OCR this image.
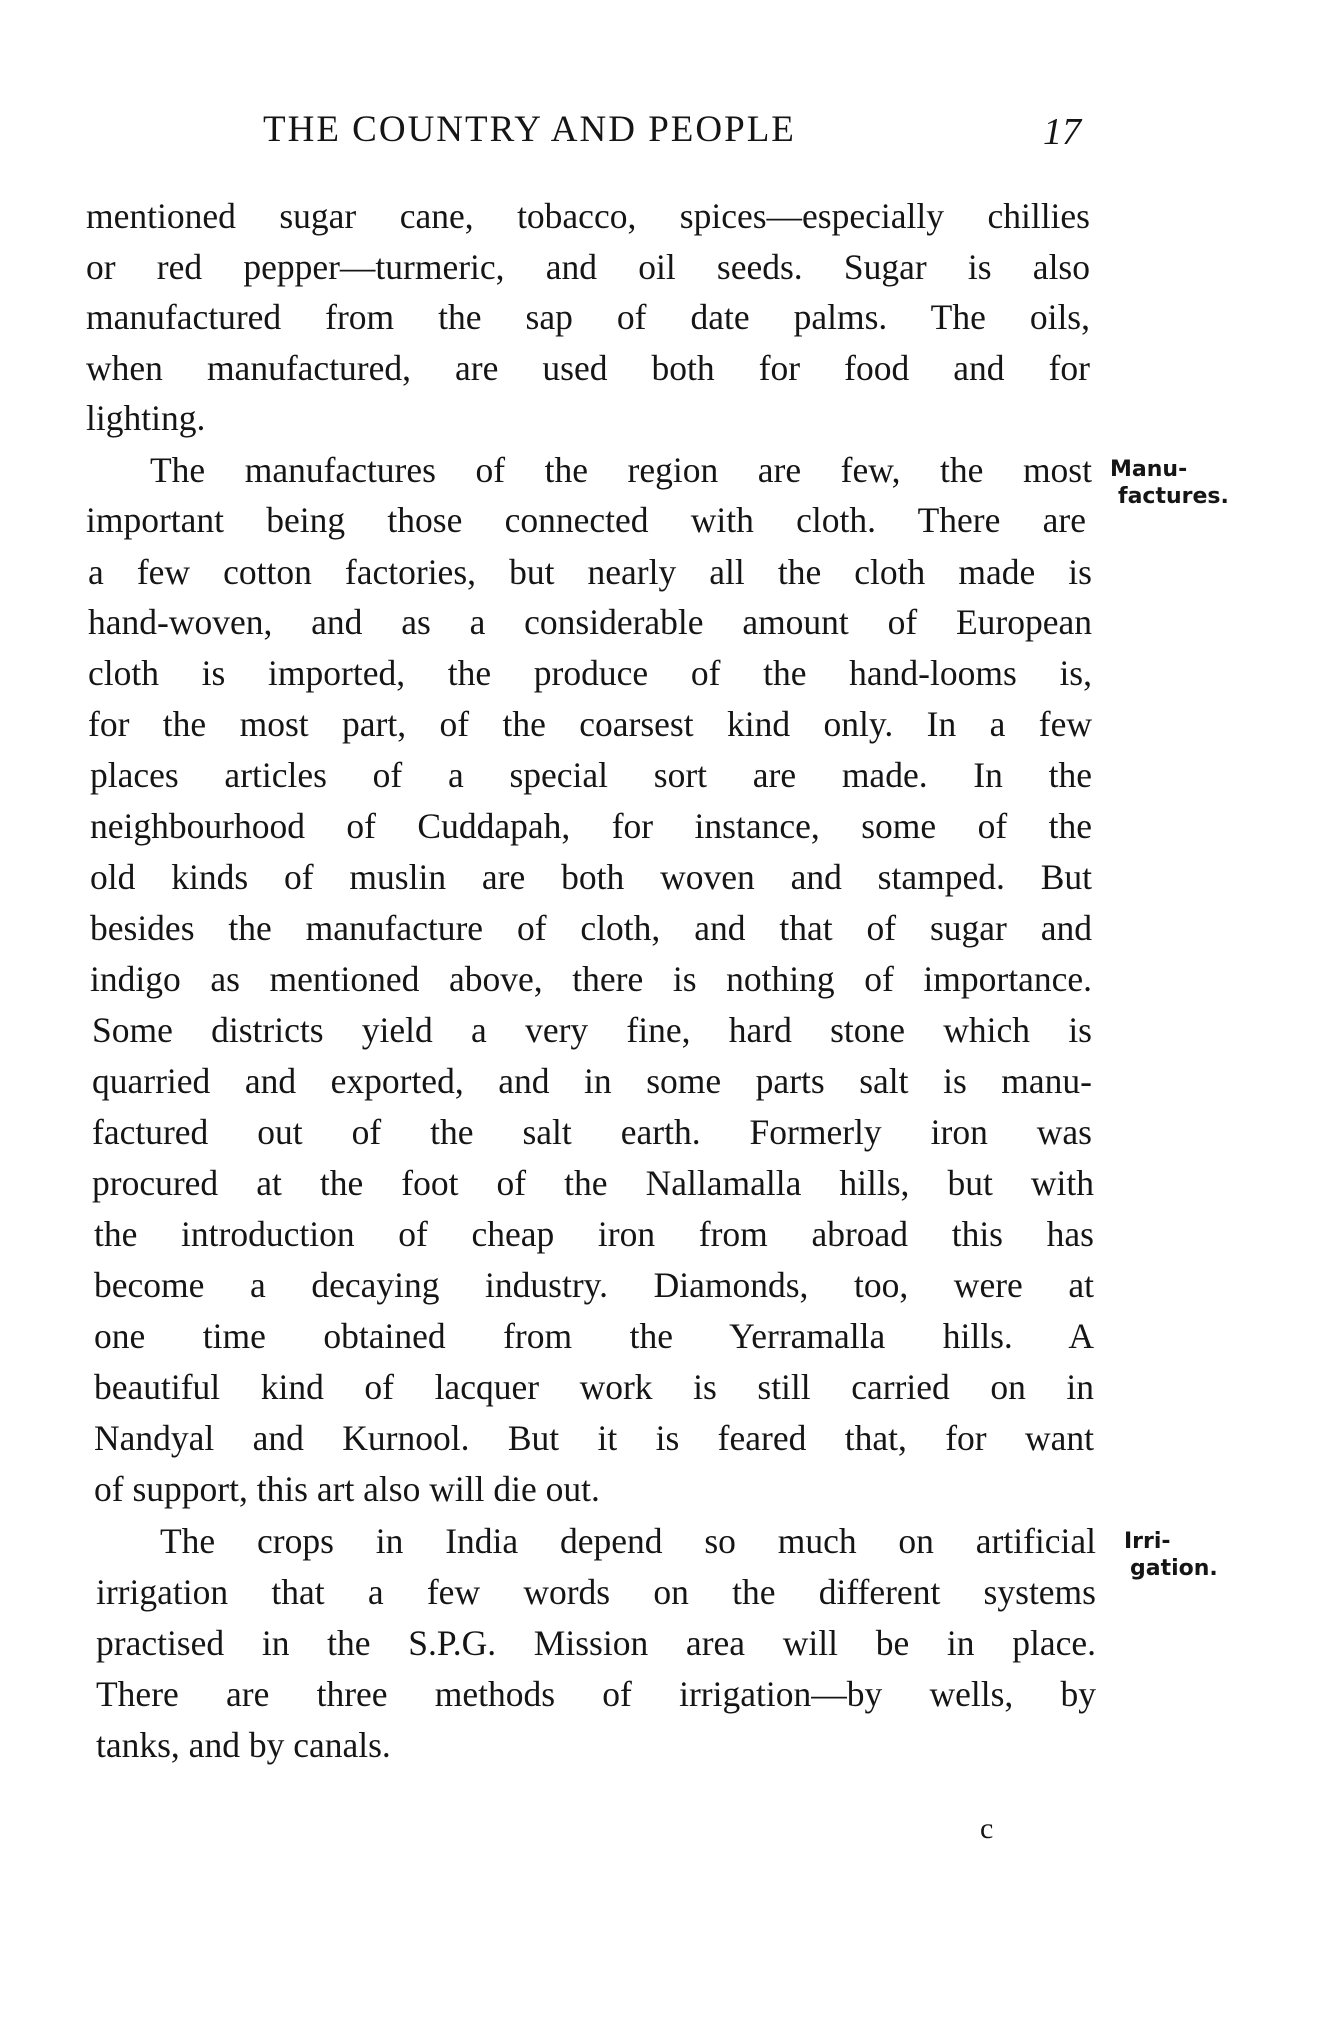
THE COUNTRY AND PEOPLE	17
mentioned sugar cane, tobacco, spices—especially chillies
or red pepper—turmeric, and oil seeds. Sugar is also
manufactured from the sap of date palms. The oils,
when manufactured, are used both for food and for
lighting.
The manufactures of the region are few, the most
important being those connected with cloth. There are
a few cotton factories, but nearly all the cloth made is
hand-woven, and as a considerable amount of European
cloth is imported, the produce of the hand-looms is,
for the most part, of the coarsest kind only. In a few
places articles of a special sort are made. In the
neighbourhood of Cuddapah, for instance, some of the
old kinds of muslin are both woven and stamped. But
besides the manufacture of cloth, and that of sugar and
indigo as mentioned above, there is nothing of importance.
Some districts yield a very fine, hard stone which is
quarried and exported, and in some parts salt is manu-
factured out of the salt earth. Formerly iron was
procured at the foot of the Nallamalla hills, but with
the introduction of cheap iron from abroad this has
become a decaying industry. Diamonds, too, were at
one time obtained from the Yerramalla hills. A
beautiful kind of lacquer work is still carried on in
Nandyal and Kurnool. But it is feared that, for want
of support, this art also will die out.
The crops in India depend so much on artificial
irrigation that a few words on the different systems
practised in the S.P.G. Mission area will be in place.
There are three methods of irrigation—by wells, by
tanks, and by canals.
Manu-
factures.
Irri-
gation.
c
